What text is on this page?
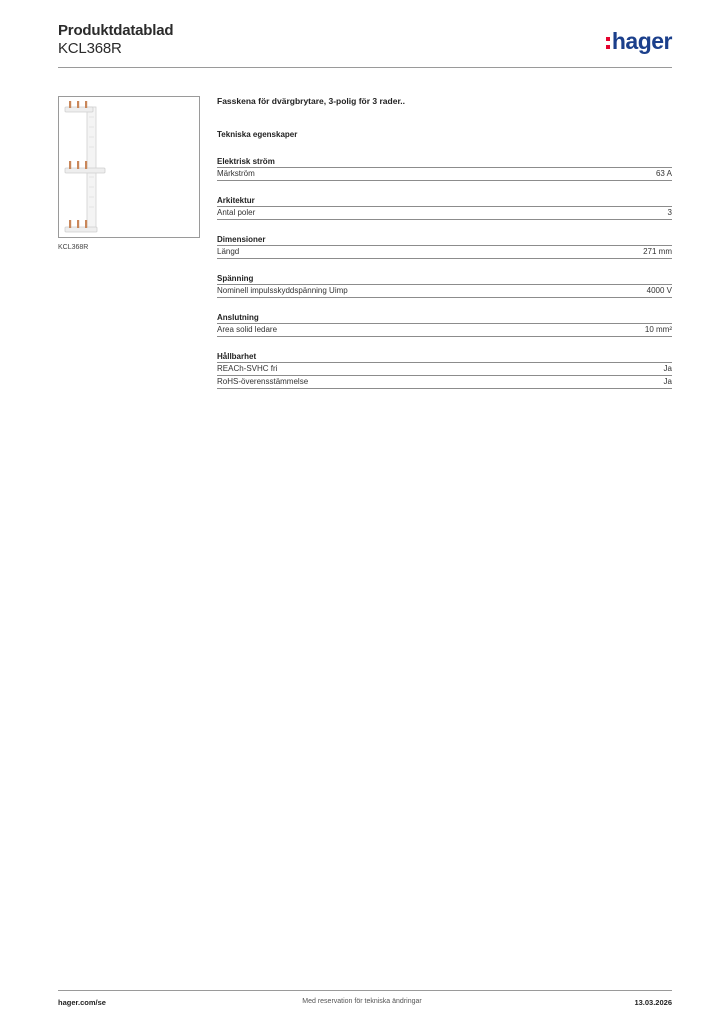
Produktdatablad
KCL368R	hager
KCL368R
Fasskena för dvärgbrytare, 3-polig för 3 rader..
Tekniska egenskaper
Elektrisk ström
Märkström	63 A
Arkitektur
Antal poler	3
Dimensioner
Längd	271 mm
Spänning
Nominell impulsskyddspänning Uimp	4000 V
Anslutning
Area solid ledare	10 mm²
Hållbarhet
REACh-SVHC fri	Ja
RoHS-överensstämmelse	Ja
Med reservation för tekniska ändringar
hager.com/se	13.03.2026
